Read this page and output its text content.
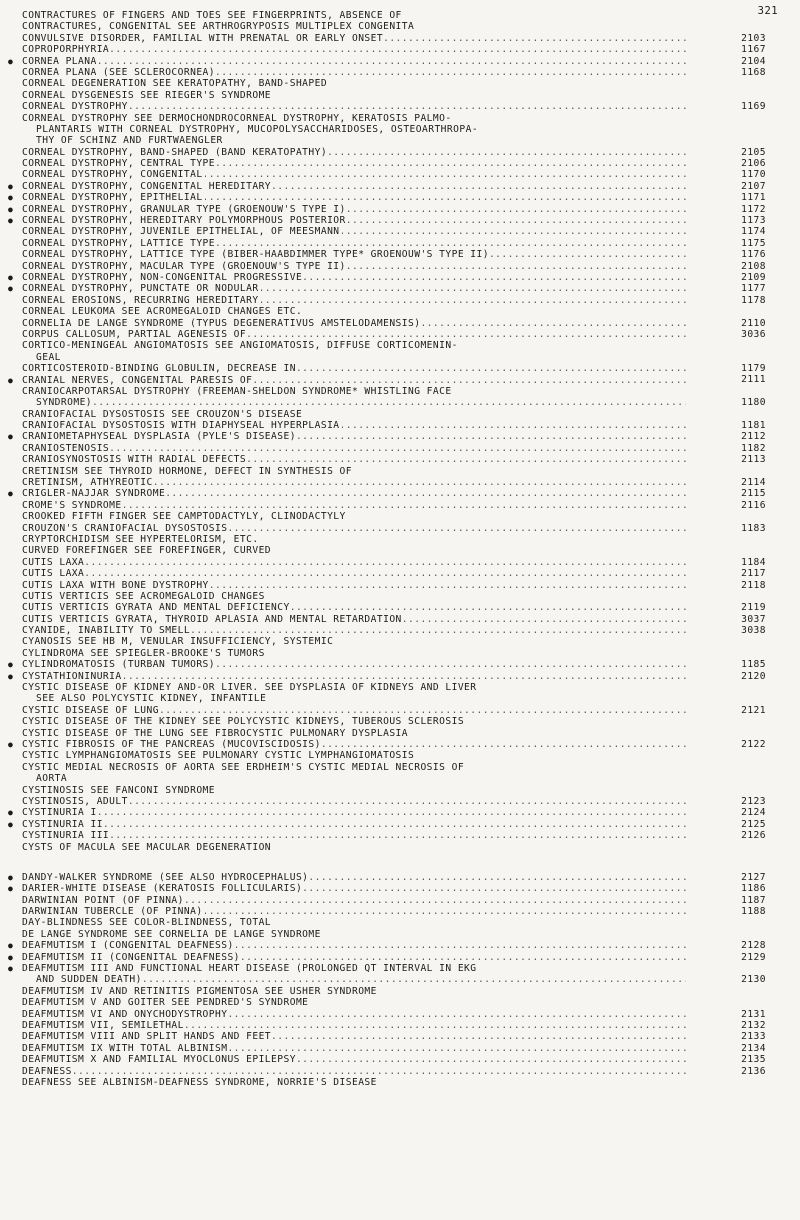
321
CONTRACTURES OF FINGERS AND TOES SEE FINGERPRINTS, ABSENCE OF
CONTRACTURES, CONGENITAL SEE ARTHROGRYPOSIS MULTIPLEX CONGENITA
.....
CONVULSIVE DISORDER, FAMILIAL WITH PRENATAL OR EARLY ONSET	2103
.....
COPROPORPHYRIA	1167
● ..... CORNEA PLANA	2104
.....
CORNEA PLANA (SEE SCLEROCORNEA)	1168
CORNEAL DEGENERATION SEE KERATOPATHY, BAND-SHAPED
CORNEAL DYSGENESIS SEE RIEGER'S SYNDROME
.....
CORNEAL DYSTROPHY	1169
CORNEAL DYSTROPHY SEE DERMOCHONDROCORNEAL DYSTROPHY, KERATOSIS PALMO-
PLANTARIS WITH CORNEAL DYSTROPHY, MUCOPOLYSACCHARIDOSES, OSTEOARTHROPA-
THY OF SCHINZ AND FURTWAENGLER
.....
CORNEAL DYSTROPHY, BAND-SHAPED (BAND KERATOPATHY)	2105
.....
CORNEAL DYSTROPHY, CENTRAL TYPE	2106
.....
CORNEAL DYSTROPHY, CONGENITAL	1170
● ..... CORNEAL DYSTROPHY, CONGENITAL HEREDITARY	2107
● ..... CORNEAL DYSTROPHY, EPITHELIAL	1171
● ..... CORNEAL DYSTROPHY, GRANULAR TYPE (GROENOUW'S TYPE I)	1172
● ..... CORNEAL DYSTROPHY, HEREDITARY POLYMORPHOUS POSTERIOR	1173
.....
CORNEAL DYSTROPHY, JUVENILE EPITHELIAL, OF MEESMANN	1174
.....
CORNEAL DYSTROPHY, LATTICE TYPE	1175
.....
CORNEAL DYSTROPHY, LATTICE TYPE (BIBER-HAABDIMMER TYPE* GROENOUW'S TYPE II)	1176
.....
CORNEAL DYSTROPHY, MACULAR TYPE (GROENOUW'S TYPE II)	2108
● ..... CORNEAL DYSTROPHY, NON-CONGENITAL PROGRESSIVE	2109
● ..... CORNEAL DYSTROPHY, PUNCTATE OR NODULAR	1177
.....
CORNEAL EROSIONS, RECURRING HEREDITARY	1178
CORNEAL LEUKOMA SEE ACROMEGALOID CHANGES ETC.
.....
CORNELIA DE LANGE SYNDROME (TYPUS DEGENERATIVUS AMSTELODAMENSIS)	2110
.....
CORPUS CALLOSUM, PARTIAL AGENESIS OF	3036
CORTICO-MENINGEAL ANGIOMATOSIS SEE ANGIOMATOSIS, DIFFUSE CORTICOMENIN-
GEAL
.....
CORTICOSTEROID-BINDING GLOBULIN, DECREASE IN	1179
● ..... CRANIAL NERVES, CONGENITAL PARESIS OF	2111
CRANIOCARPOTARSAL DYSTROPHY (FREEMAN-SHELDON SYNDROME* WHISTLING FACE
.....
SYNDROME)	1180
CRANIOFACIAL DYSOSTOSIS SEE CROUZON'S DISEASE
.....
CRANIOFACIAL DYSOSTOSIS WITH DIAPHYSEAL HYPERPLASIA	1181
● ..... CRANIOMETAPHYSEAL DYSPLASIA (PYLE'S DISEASE)	2112
.....
CRANIOSTENOSIS	1182
.....
CRANIOSYNOSTOSIS WITH RADIAL DEFECTS	2113
CRETINISM SEE THYROID HORMONE, DEFECT IN SYNTHESIS OF
.....
CRETINISM, ATHYREOTIC	2114
● ..... CRIGLER-NAJJAR SYNDROME	2115
.....
CROME'S SYNDROME	2116
CROOKED FIFTH FINGER SEE CAMPTODACTYLY, CLINODACTYLY
.....
CROUZON'S CRANIOFACIAL DYSOSTOSIS	1183
CRYPTORCHIDISM SEE HYPERTELORISM, ETC.
CURVED FOREFINGER SEE FOREFINGER, CURVED
.....
CUTIS LAXA	1184
.....
CUTIS LAXA	2117
.....
CUTIS LAXA WITH BONE DYSTROPHY	2118
CUTIS VERTICIS SEE ACROMEGALOID CHANGES
.....
CUTIS VERTICIS GYRATA AND MENTAL DEFICIENCY	2119
.....
CUTIS VERTICIS GYRATA, THYROID APLASIA AND MENTAL RETARDATION	3037
.....
CYANIDE, INABILITY TO SMELL	3038
CYANOSIS SEE HB M, VENULAR INSUFFICIENCY, SYSTEMIC
CYLINDROMA SEE SPIEGLER-BROOKE'S TUMORS
● ..... CYLINDROMATOSIS (TURBAN TUMORS)	1185
● ..... CYSTATHIONINURIA	2120
CYSTIC DISEASE OF KIDNEY AND-OR LIVER. SEE DYSPLASIA OF KIDNEYS AND LIVER
SEE ALSO POLYCYSTIC KIDNEY, INFANTILE
.....
CYSTIC DISEASE OF LUNG	2121
CYSTIC DISEASE OF THE KIDNEY SEE POLYCYSTIC KIDNEYS, TUBEROUS SCLEROSIS
CYSTIC DISEASE OF THE LUNG SEE FIBROCYSTIC PULMONARY DYSPLASIA
● ..... CYSTIC FIBROSIS OF THE PANCREAS (MUCOVISCIDOSIS)	2122
CYSTIC LYMPHANGIOMATOSIS SEE PULMONARY CYSTIC LYMPHANGIOMATOSIS
CYSTIC MEDIAL NECROSIS OF AORTA SEE ERDHEIM'S CYSTIC MEDIAL NECROSIS OF
AORTA
CYSTINOSIS SEE FANCONI SYNDROME
.....
CYSTINOSIS, ADULT	2123
● ..... CYSTINURIA I	2124
● ..... CYSTINURIA II	2125
.....
CYSTINURIA III	2126
CYSTS OF MACULA SEE MACULAR DEGENERATION
● ..... DANDY-WALKER SYNDROME (SEE ALSO HYDROCEPHALUS)	2127
● ..... DARIER-WHITE DISEASE (KERATOSIS FOLLICULARIS)	1186
.....
DARWINIAN POINT (OF PINNA)	1187
.....
DARWINIAN TUBERCLE (OF PINNA)	1188
DAY-BLINDNESS SEE COLOR-BLINDNESS, TOTAL
DE LANGE SYNDROME SEE CORNELIA DE LANGE SYNDROME
● ..... DEAFMUTISM I (CONGENITAL DEAFNESS)	2128
● ..... DEAFMUTISM II (CONGENITAL DEAFNESS)	2129
● DEAFMUTISM III AND FUNCTIONAL HEART DISEASE (PROLONGED QT INTERVAL IN EKG
.....
AND SUDDEN DEATH)	2130
DEAFMUTISM IV AND RETINITIS PIGMENTOSA SEE USHER SYNDROME
DEAFMUTISM V AND GOITER SEE PENDRED'S SYNDROME
.....
DEAFMUTISM VI AND ONYCHODYSTROPHY	2131
.....
DEAFMUTISM VII, SEMILETHAL	2132
.....
DEAFMUTISM VIII AND SPLIT HANDS AND FEET	2133
.....
DEAFMUTISM IX WITH TOTAL ALBINISM	2134
.....
DEAFMUTISM X AND FAMILIAL MYOCLONUS EPILEPSY	2135
.....
DEAFNESS	2136
DEAFNESS SEE ALBINISM-DEAFNESS SYNDROME, NORRIE'S DISEASE
